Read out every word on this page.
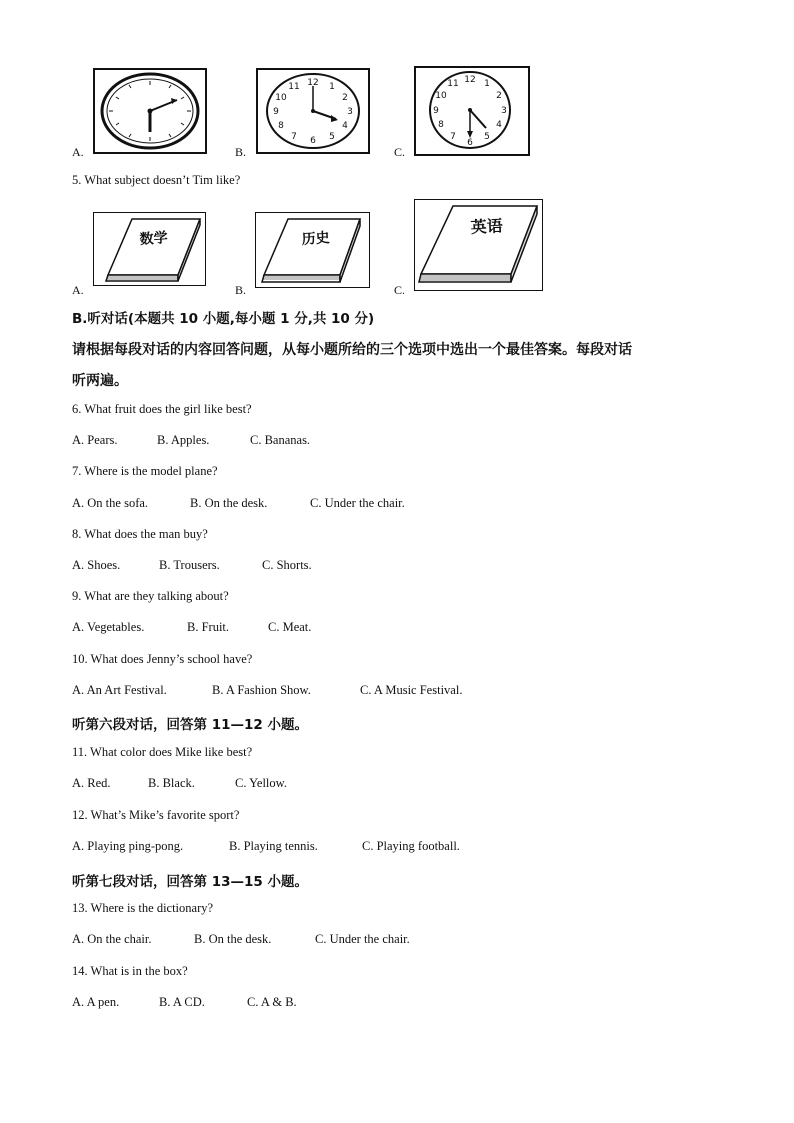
A.
12 1
2
3
4
5
6
7
8
9
10
11
B.
12 1
2
3
4
5
6
7
8
9
10
11
C.
5. What subject doesn’t Tim like?
数学
A.
历史
B.
英语
C.
B.听对话(本题共 10 小题,每小题 1 分,共 10 分)
请根据每段对话的内容回答问题，从每小题所给的三个选项中选出一个最佳答案。每段对话
听两遍。
6. What fruit does the girl like best?
A. Pears.	B. Apples.	C. Bananas.
7. Where is the model plane?
A. On the sofa.	B. On the desk.	C. Under the chair.
8. What does the man buy?
A. Shoes.	B. Trousers.	C. Shorts.
9. What are they talking about?
A. Vegetables.	B. Fruit.	C. Meat.
10. What does Jenny’s school have?
A. An Art Festival.	B. A Fashion Show.	C. A Music Festival.
听第六段对话，回答第 11—12 小题。
11. What color does Mike like best?
A. Red.	B. Black.	C. Yellow.
12. What’s Mike’s favorite sport?
A. Playing ping-pong.	B. Playing tennis.	C. Playing football.
听第七段对话，回答第 13—15 小题。
13. Where is the dictionary?
A. On the chair.	B. On the desk.	C. Under the chair.
14. What is in the box?
A. A pen.	B. A CD.	C. A & B.
